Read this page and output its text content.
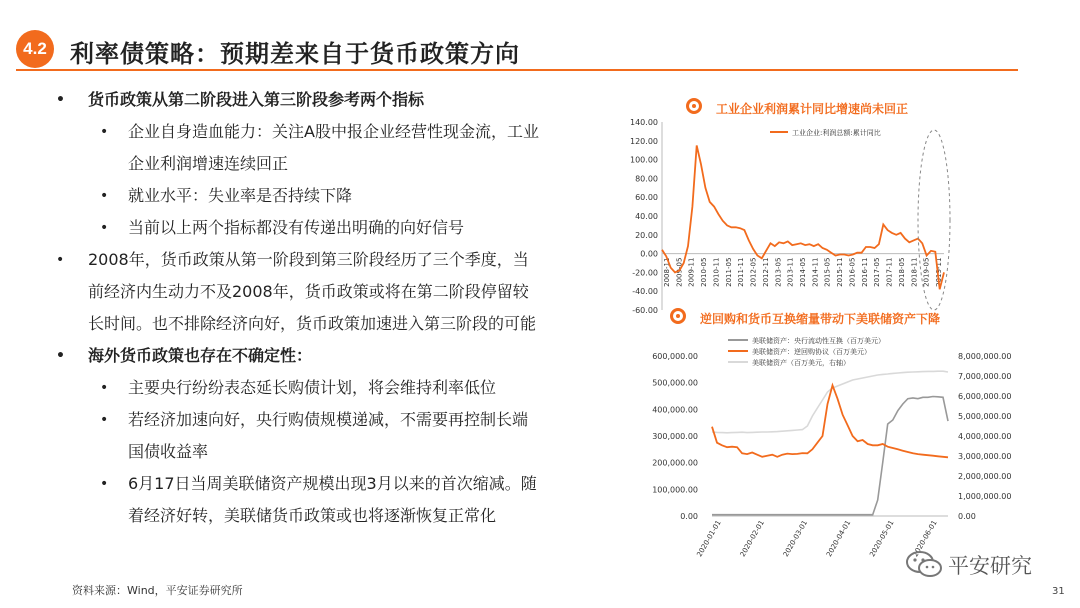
4.2 利率债策略：预期差来自于货币政策方向
• 货币政策从第二阶段进入第三阶段参考两个指标
• 企业自身造血能力：关注A股中报企业经营性现金流，工业
企业利润增速连续回正
• 就业水平：失业率是否持续下降
• 当前以上两个指标都没有传递出明确的向好信号
• 2008年，货币政策从第一阶段到第三阶段经历了三个季度，当
前经济内生动力不及2008年，货币政策或将在第二阶段停留较
长时间。也不排除经济向好，货币政策加速进入第三阶段的可能
• 海外货币政策也存在不确定性：
• 主要央行纷纷表态延长购债计划，将会维持利率低位
• 若经济加速向好，央行购债规模递减，不需要再控制长端
国债收益率
• 6月17日当周美联储资产规模出现3月以来的首次缩减。随
着经济好转，美联储货币政策或也将逐渐恢复正常化
工业企业利润累计同比增速尚未回正
140.00
120.00
100.00
80.00
60.00
40.00
20.00
0.00
-20.00
-40.00
-60.00
2008-11 2009-05 2009-11 2010-05 2010-11 2011-05 2011-11 2012-05 2012-11 2013-05 2013-11 2014-05 2014-11 2015-05 2015-11 2016-05 2016-11 2017-05 2017-11 2018-05 2018-11 2019-05 2019-11
工业企业:利润总额:累计同比
逆回购和货币互换缩量带动下美联储资产下降
600,000.00
500,000.00
400,000.00
300,000.00
200,000.00
100,000.00
0.00
8,000,000.00
7,000,000.00
6,000,000.00
5,000,000.00
4,000,000.00
3,000,000.00
2,000,000.00
1,000,000.00
0.00
2020-01-01 2020-02-01 2020-03-01 2020-04-01 2020-05-01 2020-06-01
美联储资产：央行流动性互换（百万美元）
美联储资产：逆回购协议（百万美元）
美联储资产（百万美元，右轴）
资料来源：Wind，平安证券研究所	31
平安研究
